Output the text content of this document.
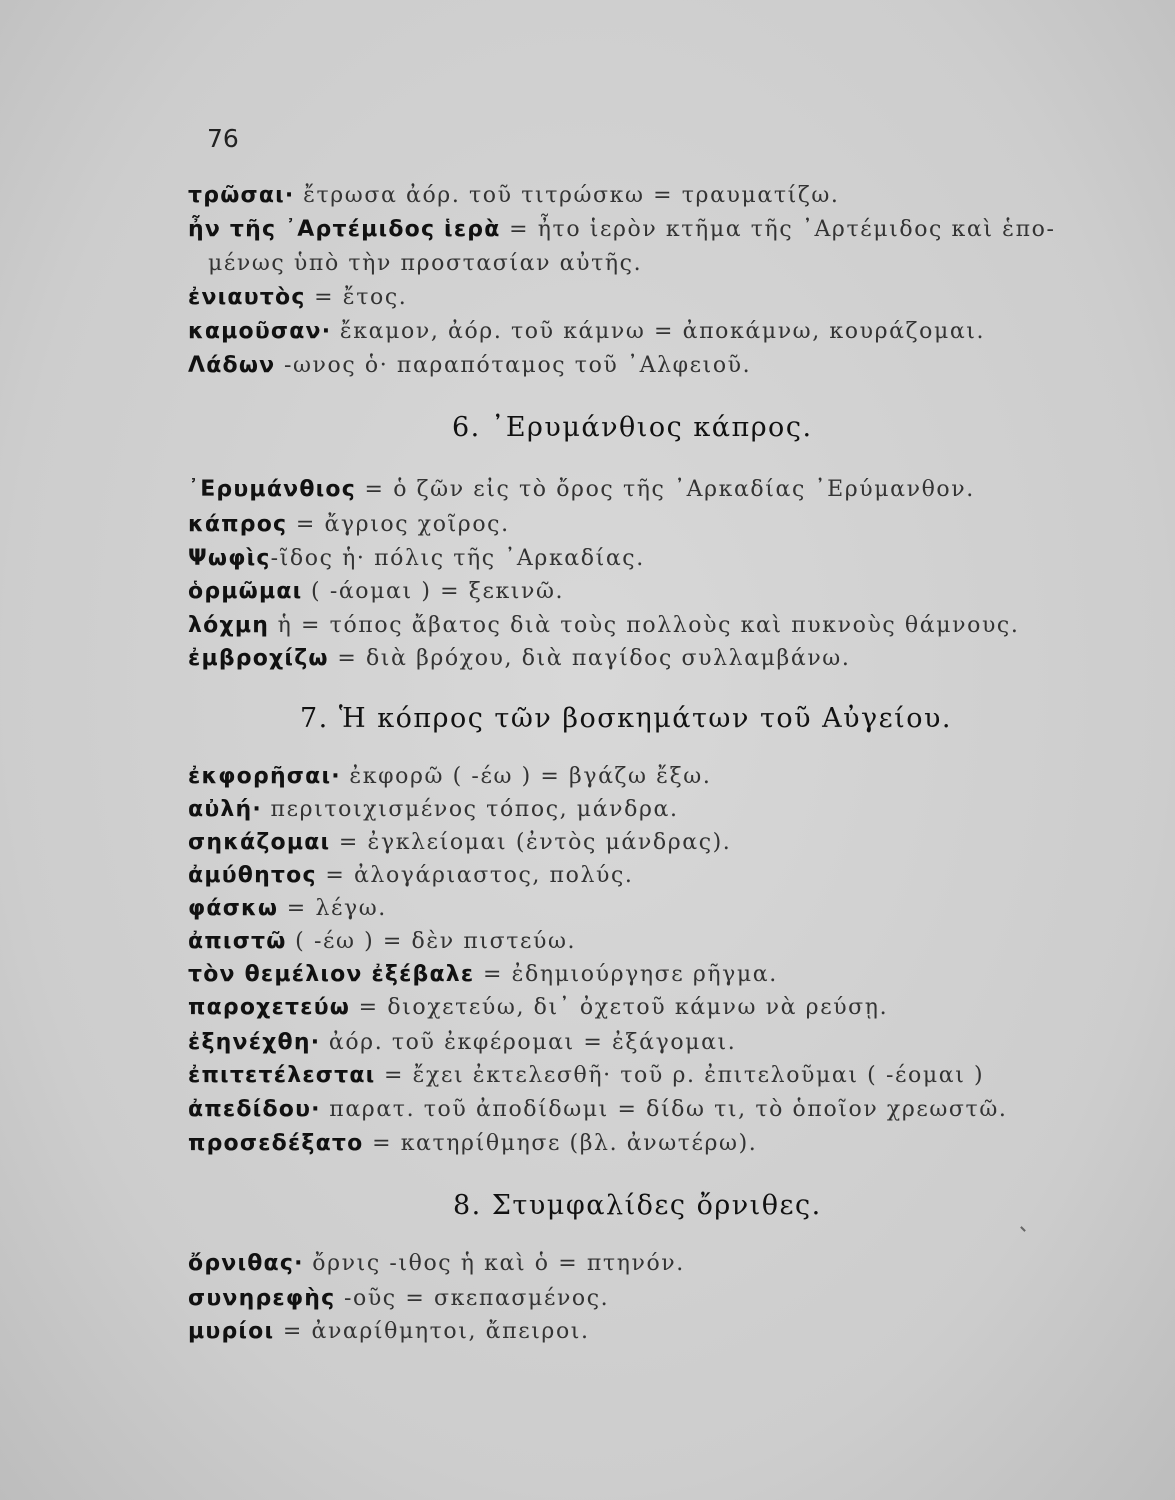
76
τρῶσαι· ἔτρωσα ἀόρ. τοῦ τιτρώσκω = τραυματίζω.
ἦν τῆς ᾿Αρτέμιδος ἱερὰ = ἦτο ἱερὸν κτῆμα τῆς ᾿Αρτέμιδος καὶ ἑπο-
μένως ὑπὸ τὴν προστασίαν αὐτῆς.
ἐνιαυτὸς = ἔτος.
καμοῦσαν· ἔκαμον, ἀόρ. τοῦ κάμνω = ἀποκάμνω, κουράζομαι.
Λάδων -ωνος ὁ· παραπόταμος τοῦ ᾿Αλφειοῦ.
6. ᾿Ερυμάνθιος κάπρος.
᾿Ερυμάνθιος = ὁ ζῶν εἰς τὸ ὄρος τῆς ᾿Αρκαδίας ᾿Ερύμανθον.
κάπρος = ἄγριος χοῖρος.
Ψωφὶς-ῖδος ἡ· πόλις τῆς ᾿Αρκαδίας.
ὁρμῶμαι ( -άομαι ) = ξεκινῶ.
λόχμη ἡ = τόπος ἄβατος διὰ τοὺς πολλοὺς καὶ πυκνοὺς θάμνους.
ἐμβροχίζω = διὰ βρόχου, διὰ παγίδος συλλαμβάνω.
7. Ἡ κόπρος τῶν βοσκημάτων τοῦ Αὐγείου.
ἐκφορῆσαι· ἐκφορῶ ( -έω ) = βγάζω ἔξω.
αὐλή· περιτοιχισμένος τόπος, μάνδρα.
σηκάζομαι = ἐγκλείομαι (ἐντὸς μάνδρας).
ἀμύθητος = ἀλογάριαστος, πολύς.
φάσκω = λέγω.
ἀπιστῶ ( -έω ) = δὲν πιστεύω.
τὸν θεμέλιον ἐξέβαλε = ἐδημιούργησε ρῆγμα.
παροχετεύω = διοχετεύω, δι᾿ ὀχετοῦ κάμνω νὰ ρεύσῃ.
ἐξηνέχθη· ἀόρ. τοῦ ἐκφέρομαι = ἐξάγομαι.
ἐπιτετέλεσται = ἔχει ἐκτελεσθῆ· τοῦ ρ. ἐπιτελοῦμαι ( -έομαι )
ἀπεδίδου· παρατ. τοῦ ἀποδίδωμι = δίδω τι, τὸ ὁποῖον χρεωστῶ.
προσεδέξατο = κατηρίθμησε (βλ. ἀνωτέρω).
8. Στυμφαλίδες ὄρνιθες.
ὄρνιθας· ὄρνις -ιθος ἡ καὶ ὁ = πτηνόν.
συνηρεφὴς -οῦς = σκεπασμένος.
μυρίοι = ἀναρίθμητοι, ἄπειροι.
